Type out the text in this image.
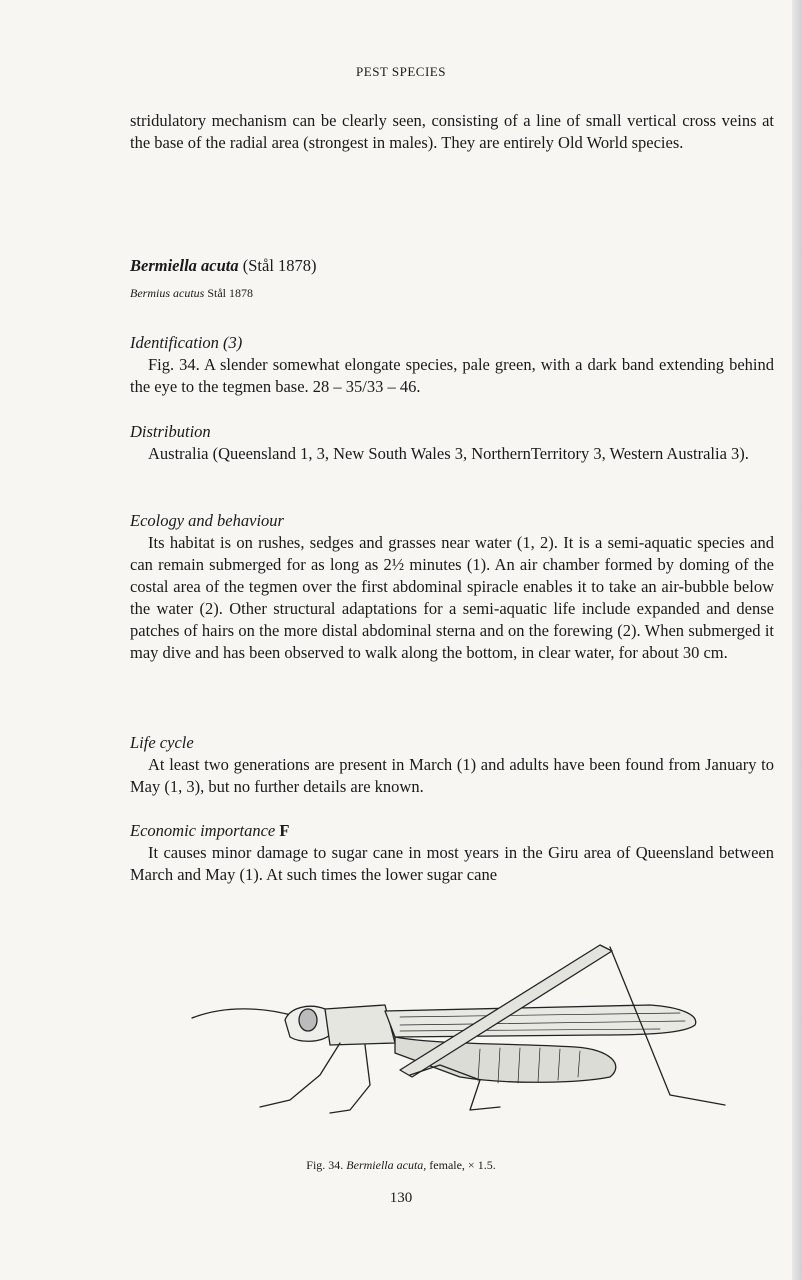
PEST SPECIES

stridulatory mechanism can be clearly seen, consisting of a line of small vertical cross veins at the base of the radial area (strongest in males). They are entirely Old World species.

Bermiella acuta (Stål 1878)
Bermius acutus Stål 1878
Identification (3)

Fig. 34. A slender somewhat elongate species, pale green, with a dark band extending behind the eye to the tegmen base. 28 – 35/33 – 46.

Distribution

Australia (Queensland 1, 3, New South Wales 3, NorthernTerritory 3, Western Australia 3).

Ecology and behaviour

Its habitat is on rushes, sedges and grasses near water (1, 2). It is a semi-aquatic species and can remain submerged for as long as 2½ minutes (1). An air chamber formed by doming of the costal area of the tegmen over the first abdominal spiracle enables it to take an air-bubble below the water (2). Other structural adaptations for a semi-aquatic life include expanded and dense patches of hairs on the more distal abdominal sterna and on the forewing (2). When submerged it may dive and has been observed to walk along the bottom, in clear water, for about 30 cm.

Life cycle

At least two generations are present in March (1) and adults have been found from January to May (1, 3), but no further details are known.

Economic importance F

It causes minor damage to sugar cane in most years in the Giru area of Queensland between March and May (1). At such times the lower sugar cane

Fig. 34. Bermiella acuta, female, × 1.5.
130
